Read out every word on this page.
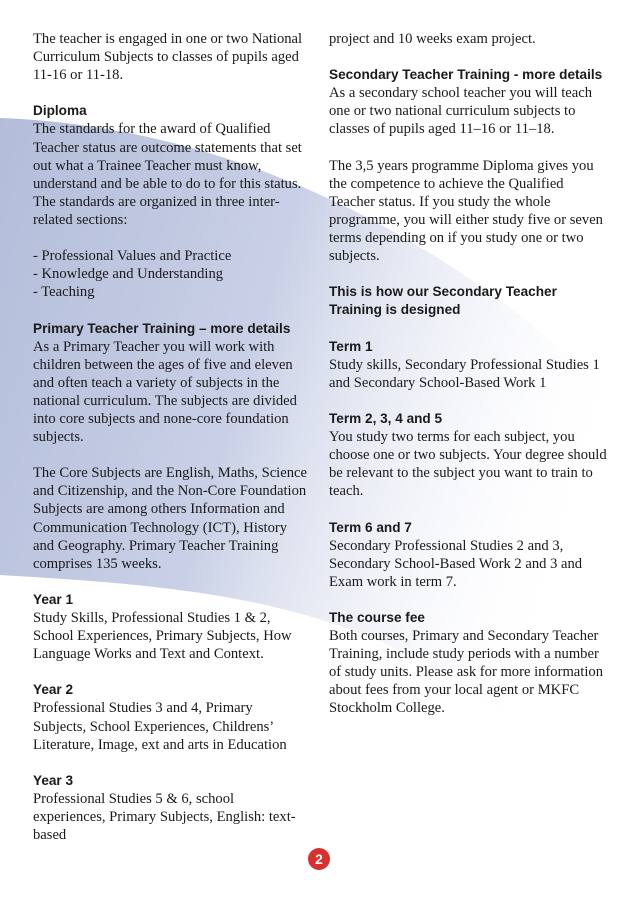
The teacher is engaged in one or two National Curriculum Subjects to classes of pupils aged 11-16 or 11-18.

Diploma

The standards for the award of Qualified Teacher status are outcome statements that set out what a Trainee Teacher must know, understand and be able to do to for this status. The standards are organized in three inter-related sections:

- Professional Values and Practice
- Knowledge and Understanding
- Teaching
Primary Teacher Training – more details

As a Primary Teacher you will work with children between the ages of five and eleven and often teach a variety of subjects in the national curriculum. The subjects are divided into core subjects and none-core foundation subjects.

The Core Subjects are English, Maths, Science and Citizenship, and the Non-Core Foundation Subjects are among others Information and Communication Technology (ICT), History and Geography. Primary Teacher Training comprises 135 weeks.

Year 1

Study Skills, Professional Studies 1 & 2, School Experiences, Primary Subjects, How Language Works and Text and Context.

Year 2

Professional Studies 3 and 4, Primary Subjects, School Experiences, Childrens’ Literature, Image, ext and arts in Education

Year 3

Professional Studies 5 & 6, school experiences, Primary Subjects, English: text-based

project and 10 weeks exam project.

Secondary Teacher Training - more details

As a secondary school teacher you will teach one or two national curriculum subjects to classes of pupils aged 11–16 or 11–18.

The 3,5 years programme Diploma gives you the competence to achieve the Qualified Teacher status. If you study the whole programme, you will either study five or seven terms depending on if you study one or two subjects.

This is how our Secondary Teacher Training is designed

Term 1

Study skills, Secondary Professional Studies 1 and Secondary School-Based Work 1

Term 2, 3, 4 and 5

You study two terms for each subject, you choose one or two subjects. Your degree should be relevant to the subject you want to train to teach.

Term 6 and 7

Secondary Professional Studies 2 and 3, Secondary School-Based Work 2 and 3 and Exam work in term 7.

The course fee

Both courses, Primary and Secondary Teacher Training, include study periods with a number of study units. Please ask for more information about fees from your local agent or MKFC Stockholm College.

2
